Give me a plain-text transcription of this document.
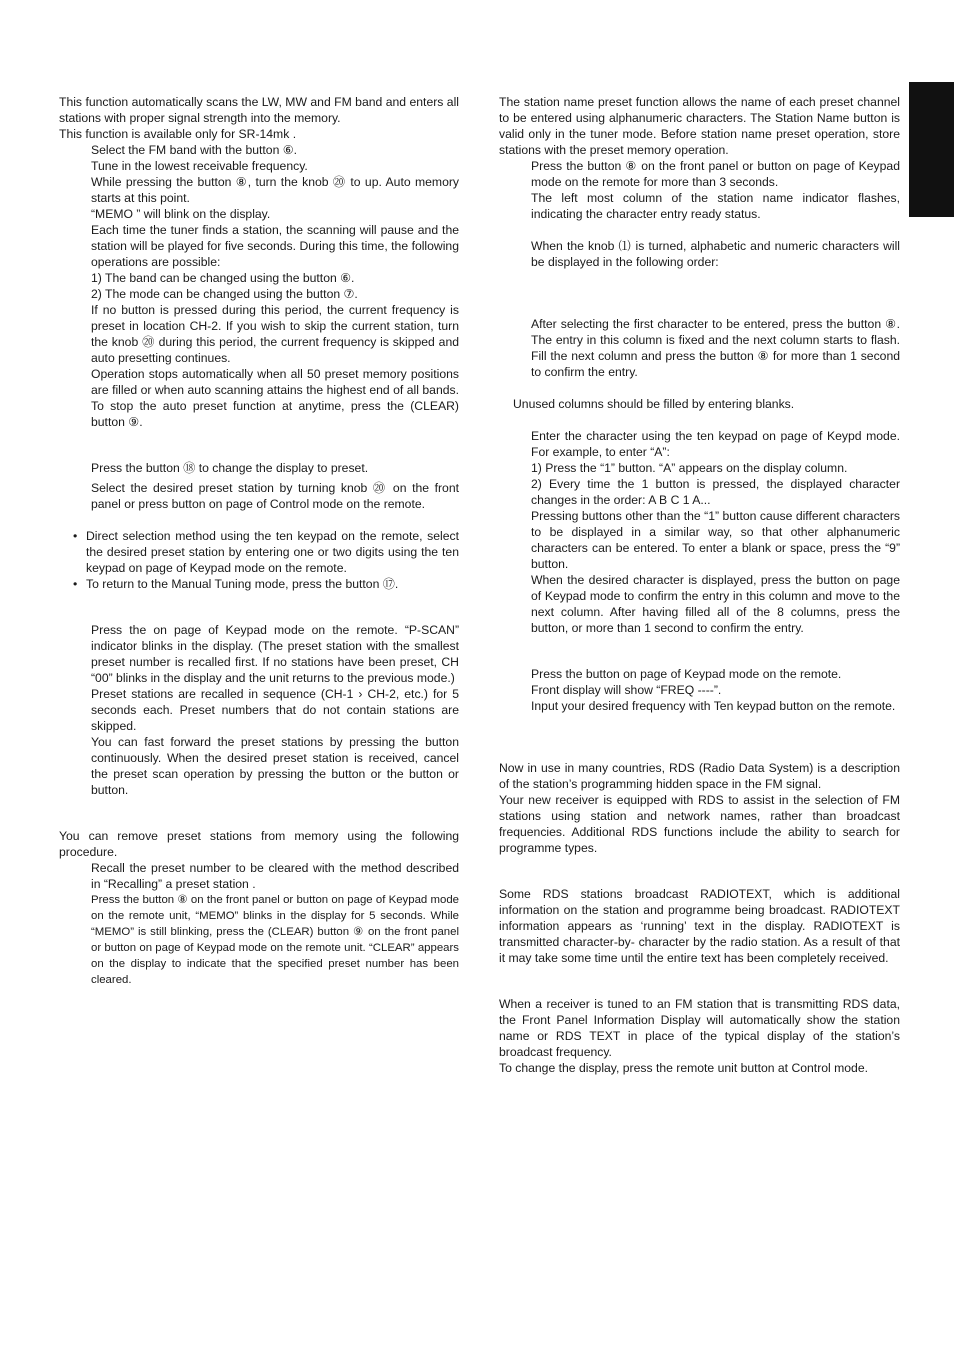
This function automatically scans the LW, MW and FM band and enters all stations with proper signal strength into the memory.

This function is available only for SR-14mk .

Select the FM band with the button ⑥.

Tune in the lowest receivable frequency.

While pressing the button ⑧, turn the knob ⑳ to up. Auto memory starts at this point.

“MEMO ” will blink on the display.

Each time the tuner finds a station, the scanning will pause and the station will be played for five seconds. During this time, the following operations are possible:

1) The band can be changed using the button ⑥.

2) The mode can be changed using the button ⑦.

If no button is pressed during this period, the current frequency is preset in location CH-2. If you wish to skip the current station, turn the knob ⑳ during this period, the current frequency is skipped and auto presetting continues.

Operation stops automatically when all 50 preset memory positions are filled or when auto scanning attains the highest end of all bands. To stop the auto preset function at anytime, press the (CLEAR) button ⑨.

Press the button ⑱ to change the display to preset.

Select the desired preset station by turning knob ⑳ on the front panel or press button on page of Control mode on the remote.

• Direct selection method using the ten keypad on the remote, select the desired preset station by entering one or two digits using the ten keypad on page of Keypad mode on the remote.

• To return to the Manual Tuning mode, press the button ⑰.

Press the on page of Keypad mode on the remote. “P-SCAN” indicator blinks in the display. (The preset station with the smallest preset number is recalled first. If no stations have been preset, CH “00” blinks in the display and the unit returns to the previous mode.)

Preset stations are recalled in sequence (CH-1 › CH-2, etc.) for 5 seconds each. Preset numbers that do not contain stations are skipped.

You can fast forward the preset stations by pressing the button continuously. When the desired preset station is received, cancel the preset scan operation by pressing the button or the button or button.

You can remove preset stations from memory using the following procedure.

Recall the preset number to be cleared with the method described in “Recalling” a preset station .

Press the button ⑧ on the front panel or button on page of Keypad mode on the remote unit, “MEMO” blinks in the display for 5 seconds. While “MEMO” is still blinking, press the (CLEAR) button ⑨ on the front panel or button on page of Keypad mode on the remote unit. “CLEAR” appears on the display to indicate that the specified preset number has been cleared.

The station name preset function allows the name of each preset channel to be entered using alphanumeric characters. The Station Name button is valid only in the tuner mode. Before station name preset operation, store stations with the preset memory operation.

Press the button ⑧ on the front panel or button on page of Keypad mode on the remote for more than 3 seconds.

The left most column of the station name indicator flashes, indicating the character entry ready status.

When the knob ⑴ is turned, alphabetic and numeric characters will be displayed in the following order:

After selecting the first character to be entered, press the button ⑧. The entry in this column is fixed and the next column starts to flash. Fill the next column and press the button ⑧ for more than 1 second to confirm the entry.

Unused columns should be filled by entering blanks.

Enter the character using the ten keypad on page of Keypd mode. For example, to enter “A”:

1) Press the “1” button. “A” appears on the display column.

2) Every time the 1 button is pressed, the displayed character changes in the order: A B C 1 A...

Pressing buttons other than the “1” button cause different characters to be displayed in a similar way, so that other alphanumeric characters can be entered. To enter a blank or space, press the “9” button.

When the desired character is displayed, press the button on page of Keypad mode to confirm the entry in this column and move to the next column. After having filled all of the 8 columns, press the button, or more than 1 second to confirm the entry.

Press the button on page of Keypad mode on the remote.

Front display will show “FREQ ----”.

Input your desired frequency with Ten keypad button on the remote.

Now in use in many countries, RDS (Radio Data System) is a description of the station’s programming hidden space in the FM signal.

Your new receiver is equipped with RDS to assist in the selection of FM stations using station and network names, rather than broadcast frequencies. Additional RDS functions include the ability to search for programme types.

Some RDS stations broadcast RADIOTEXT, which is additional information on the station and programme being broadcast. RADIOTEXT information appears as ‘running’ text in the display. RADIOTEXT is transmitted character-by- character by the radio station. As a result of that it may take some time until the entire text has been completely received.

When a receiver is tuned to an FM station that is transmitting RDS data, the Front Panel Information Display will automatically show the station name or RDS TEXT in place of the typical display of the station’s broadcast frequency.

To change the display, press the remote unit button at Control mode.
